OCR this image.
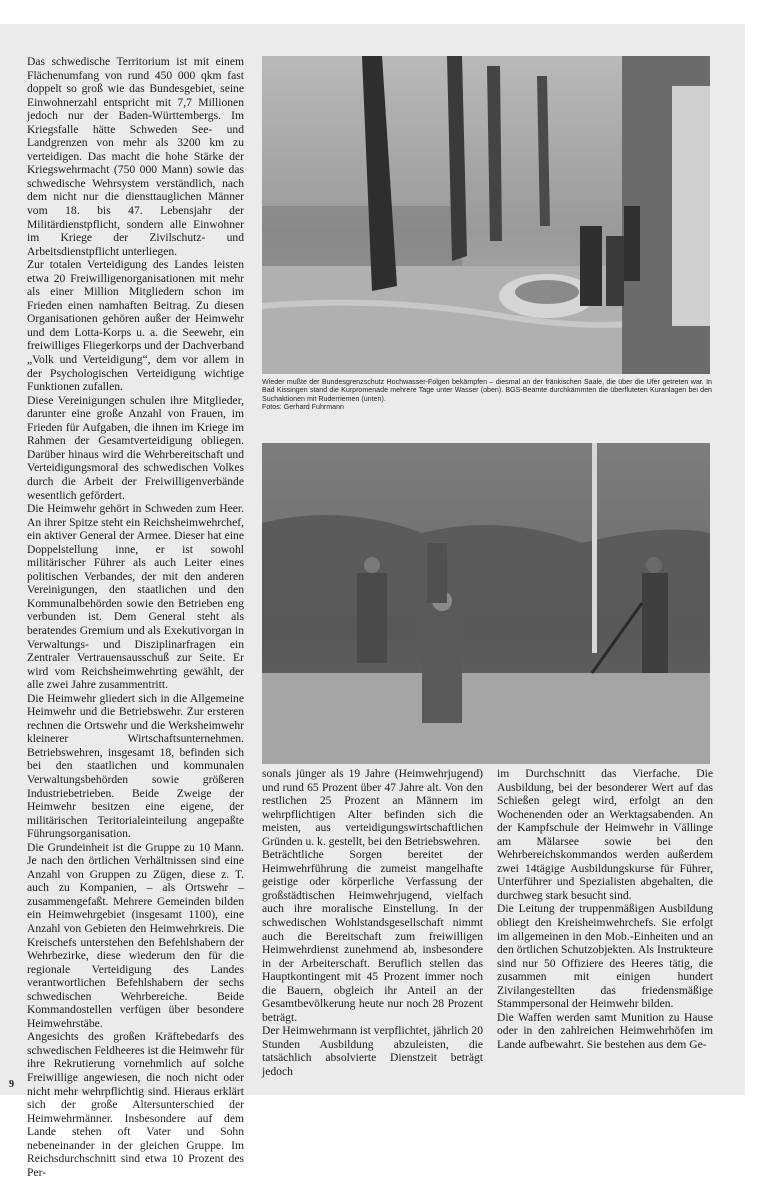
Das schwedische Territorium ist mit einem Flächenumfang von rund 450 000 qkm fast doppelt so groß wie das Bundesgebiet, seine Einwohnerzahl entspricht mit 7,7 Millionen jedoch nur der Baden-Württembergs. Im Kriegsfalle hätte Schweden See- und Landgrenzen von mehr als 3200 km zu verteidigen. Das macht die hohe Stärke der Kriegswehrmacht (750 000 Mann) sowie das schwedische Wehrsystem verständlich, nach dem nicht nur die diensttauglichen Männer vom 18. bis 47. Lebensjahr der Militärdienstpflicht, sondern alle Einwohner im Kriege der Zivilschutz- und Arbeitsdienstpflicht unterliegen.

Zur totalen Verteidigung des Landes leisten etwa 20 Freiwilligenorganisationen mit mehr als einer Million Mitgliedern schon im Frieden einen namhaften Beitrag. Zu diesen Organisationen gehören außer der Heimwehr und dem Lotta-Korps u. a. die Seewehr, ein freiwilliges Fliegerkorps und der Dachverband „Volk und Verteidigung“, dem vor allem in der Psychologischen Verteidigung wichtige Funktionen zufallen.

Diese Vereinigungen schulen ihre Mitglieder, darunter eine große Anzahl von Frauen, im Frieden für Aufgaben, die ihnen im Kriege im Rahmen der Gesamtverteidigung obliegen. Darüber hinaus wird die Wehrbereitschaft und Verteidigungsmoral des schwedischen Volkes durch die Arbeit der Freiwilligenverbände wesentlich gefördert.

Die Heimwehr gehört in Schweden zum Heer. An ihrer Spitze steht ein Reichsheimwehrchef, ein aktiver General der Armee. Dieser hat eine Doppelstellung inne, er ist sowohl militärischer Führer als auch Leiter eines politischen Verbandes, der mit den anderen Vereinigungen, den staatlichen und den Kommunalbehörden sowie den Betrieben eng verbunden ist. Dem General steht als beratendes Gremium und als Exekutivorgan in Verwaltungs- und Disziplinarfragen ein Zentraler Vertrauensausschuß zur Seite. Er wird vom Reichsheimwehrting gewählt, der alle zwei Jahre zusammentritt.

Die Heimwehr gliedert sich in die Allgemeine Heimwehr und die Betriebswehr. Zur ersteren rechnen die Ortswehr und die Werksheimwehr kleinerer Wirtschaftsunternehmen. Betriebswehren, insgesamt 18, befinden sich bei den staatlichen und kommunalen Verwaltungsbehörden sowie größeren Industriebetrieben. Beide Zweige der Heimwehr besitzen eine eigene, der militärischen Teritorialeinteilung angepaßte Führungsorganisation.

Die Grundeinheit ist die Gruppe zu 10 Mann. Je nach den örtlichen Verhältnissen sind eine Anzahl von Gruppen zu Zügen, diese z. T. auch zu Kompanien, – als Ortswehr – zusammengefaßt. Mehrere Gemeinden bilden ein Heimwehrgebiet (insgesamt 1100), eine Anzahl von Gebieten den Heimwehrkreis. Die Kreischefs unterstehen den Befehlshabern der Wehrbezirke, diese wiederum den für die regionale Verteidigung des Landes verantwortlichen Befehlshabern der sechs schwedischen Wehrbereiche. Beide Kommandostellen verfügen über besondere Heimwehrstäbe.

Angesichts des großen Kräftebedarfs des schwedischen Feldheeres ist die Heimwehr für ihre Rekrutierung vornehmlich auf solche Freiwillige angewiesen, die noch nicht oder nicht mehr wehrpflichtig sind. Hieraus erklärt sich der große Altersunterschied der Heimwehrmänner. Insbesondere auf dem Lande stehen oft Vater und Sohn nebeneinander in der gleichen Gruppe. Im Reichsdurchschnitt sind etwa 10 Prozent des Per-

Wieder mußte der Bundesgrenzschutz Hochwasser-Folgen bekämpfen – diesmal an der fränkischen Saale, die über die Ufer getreten war. In Bad Kissingen stand die Kurpromenade mehrere Tage unter Wasser (oben). BGS-Beamte durchkämmten die überfluteten Kuranlagen bei den Suchaktionen mit Ruderriemen (unten).
Fotos: Gerhard Fuhrmann

sonals jünger als 19 Jahre (Heimwehrjugend) und rund 65 Prozent über 47 Jahre alt. Von den restlichen 25 Prozent an Männern im wehrpflichtigen Alter befinden sich die meisten, aus verteidigungswirtschaftlichen Gründen u. k. gestellt, bei den Betriebswehren.

Beträchtliche Sorgen bereitet der Heimwehrführung die zumeist mangelhafte geistige oder körperliche Verfassung der großstädtischen Heimwehrjugend, vielfach auch ihre moralische Einstellung. In der schwedischen Wohlstandsgesellschaft nimmt auch die Bereitschaft zum freiwilligen Heimwehrdienst zunehmend ab, insbesondere in der Arbeiterschaft. Beruflich stellen das Hauptkontingent mit 45 Prozent immer noch die Bauern, obgleich ihr Anteil an der Gesamtbevölkerung heute nur noch 28 Prozent beträgt.

Der Heimwehrmann ist verpflichtet, jährlich 20 Stunden Ausbildung abzuleisten, die tatsächlich absolvierte Dienstzeit beträgt jedoch

im Durchschnitt das Vierfache. Die Ausbildung, bei der besonderer Wert auf das Schießen gelegt wird, erfolgt an den Wochenenden oder an Werktagsabenden. An der Kampfschule der Heimwehr in Vällinge am Mälarsee sowie bei den Wehrbereichskommandos werden außerdem zwei 14tägige Ausbildungskurse für Führer, Unterführer und Spezialisten abgehalten, die durchweg stark besucht sind.

Die Leitung der truppenmäßigen Ausbildung obliegt den Kreisheimwehrchefs. Sie erfolgt im allgemeinen in den Mob.-Einheiten und an den örtlichen Schutzobjekten. Als Instrukteure sind nur 50 Offiziere des Heeres tätig, die zusammen mit einigen hundert Zivilangestellten das friedensmäßige Stammpersonal der Heimwehr bilden.

Die Waffen werden samt Munition zu Hause oder in den zahlreichen Heimwehrhöfen im Lande aufbewahrt. Sie bestehen aus dem Ge-

9
